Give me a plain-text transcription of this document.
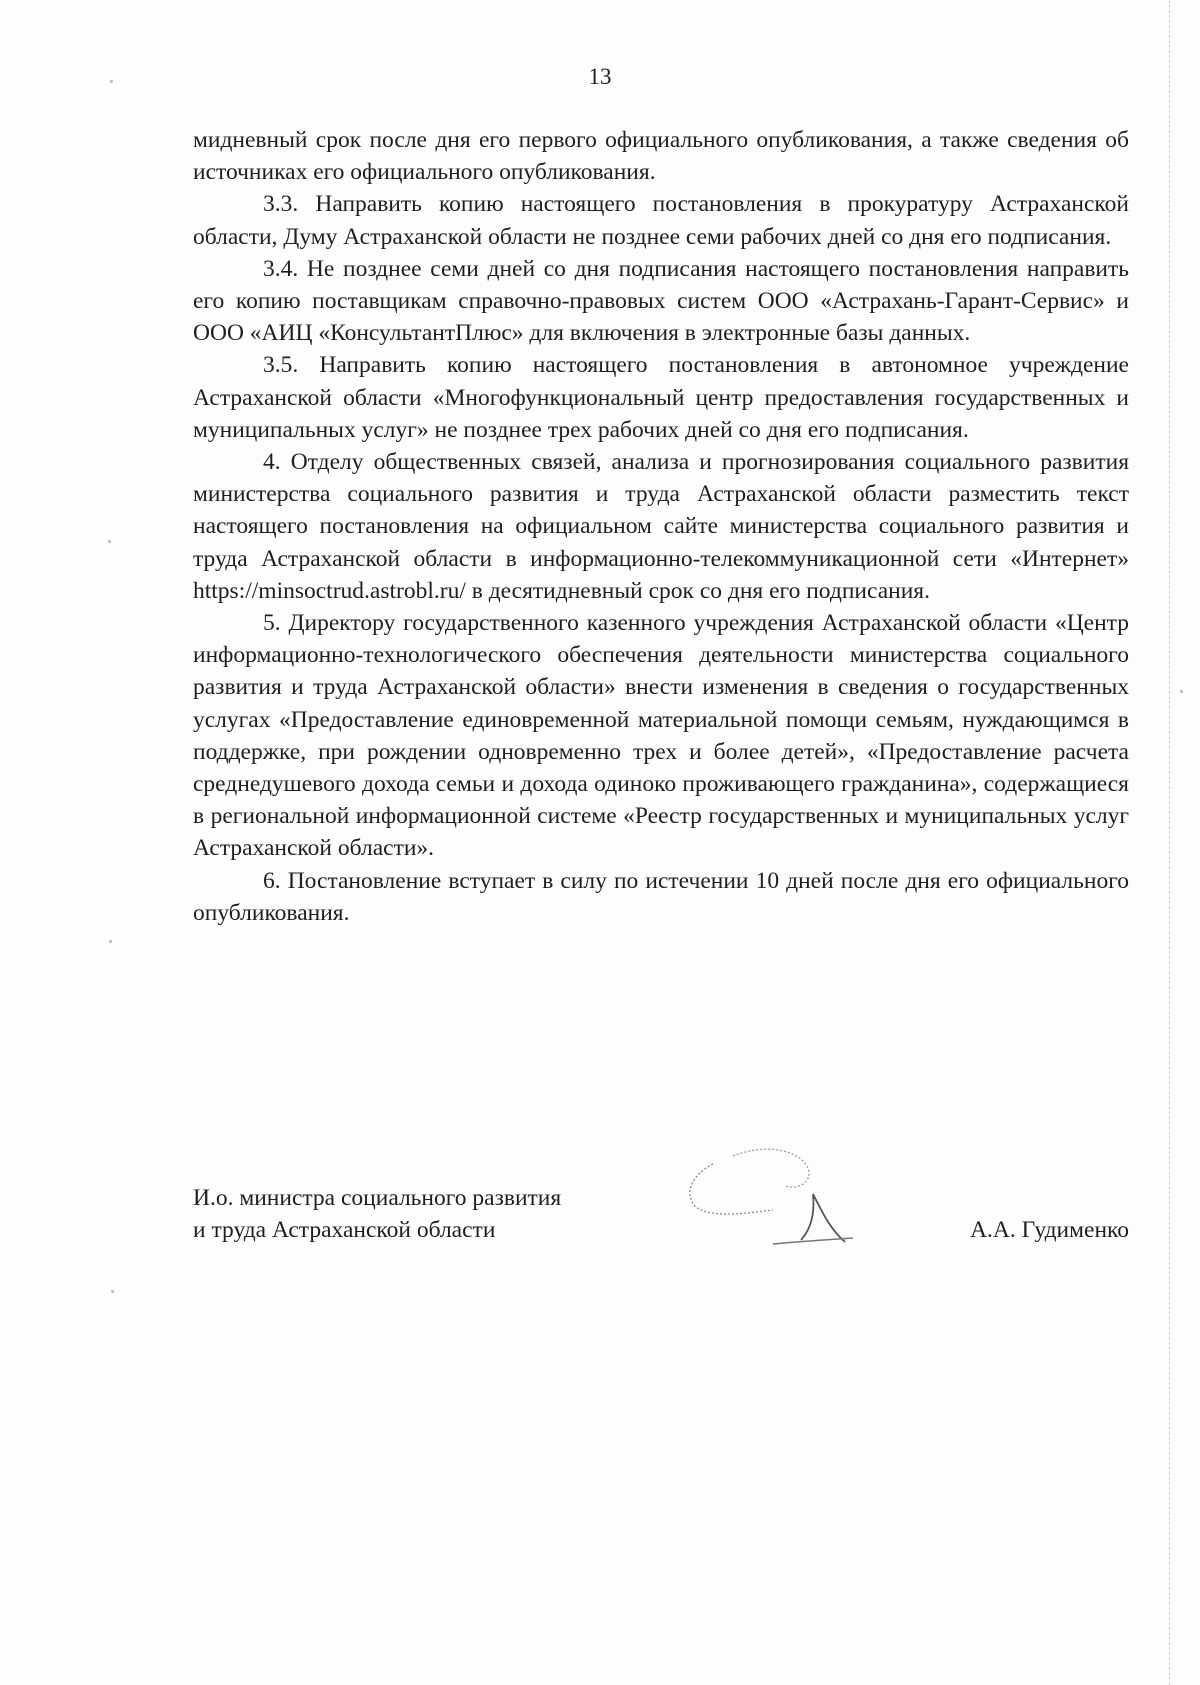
13

мидневный срок после дня его первого официального опубликования, а также сведения об источниках его официального опубликования.

3.3. Направить копию настоящего постановления в прокуратуру Астраханской области, Думу Астраханской области не позднее семи рабочих дней со дня его подписания.

3.4. Не позднее семи дней со дня подписания настоящего постановления направить его копию поставщикам справочно-правовых систем ООО «Астрахань-Гарант-Сервис» и ООО «АИЦ «КонсультантПлюс» для включения в электронные базы данных.

3.5. Направить копию настоящего постановления в автономное учреждение Астраханской области «Многофункциональный центр предоставления государственных и муниципальных услуг» не позднее трех рабочих дней со дня его подписания.

4. Отделу общественных связей, анализа и прогнозирования социального развития министерства социального развития и труда Астраханской области разместить текст настоящего постановления на официальном сайте министерства социального развития и труда Астраханской области в информационно-телекоммуникационной сети «Интернет» https://minsoctrud.astrobl.ru/ в десятидневный срок со дня его подписания.

5. Директору государственного казенного учреждения Астраханской области «Центр информационно-технологического обеспечения деятельности министерства социального развития и труда Астраханской области» внести изменения в сведения о государственных услугах «Предоставление единовременной материальной помощи семьям, нуждающимся в поддержке, при рождении одновременно трех и более детей», «Предоставление расчета среднедушевого дохода семьи и дохода одиноко проживающего гражданина», содержащиеся в региональной информационной системе «Реестр государственных и муниципальных услуг Астраханской области».

6. Постановление вступает в силу по истечении 10 дней после дня его официального опубликования.

И.о. министра социального развития
и труда Астраханской области	А.А. Гудименко
